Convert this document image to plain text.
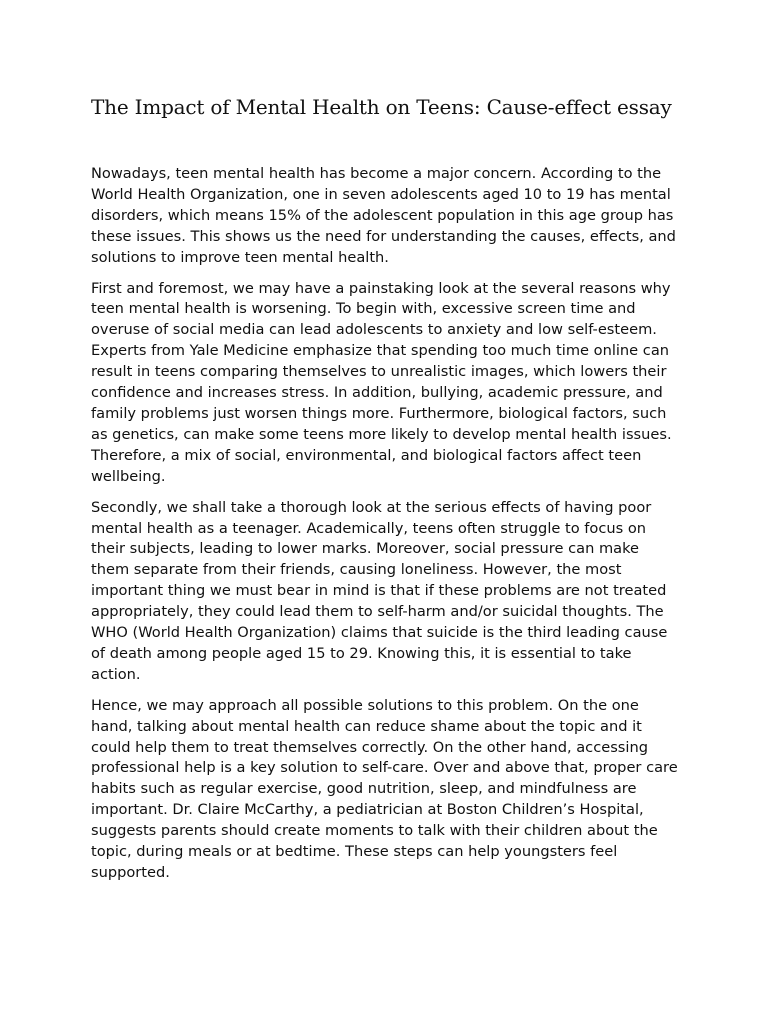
The Impact of Mental Health on Teens: Cause-effect essay

Nowadays, teen mental health has become a major concern. According to the World Health Organization, one in seven adolescents aged 10 to 19 has mental disorders, which means 15% of the adolescent population in this age group has these issues. This shows us the need for understanding the causes, effects, and solutions to improve teen mental health.

First and foremost, we may have a painstaking look at the several reasons why teen mental health is worsening. To begin with, excessive screen time and overuse of social media can lead adolescents to anxiety and low self-esteem. Experts from Yale Medicine emphasize that spending too much time online can result in teens comparing themselves to unrealistic images, which lowers their confidence and increases stress. In addition, bullying, academic pressure, and family problems just worsen things more. Furthermore, biological factors, such as genetics, can make some teens more likely to develop mental health issues. Therefore, a mix of social, environmental, and biological factors affect teen wellbeing.

Secondly, we shall take a thorough look at the serious effects of having poor mental health as a teenager. Academically, teens often struggle to focus on their subjects, leading to lower marks. Moreover, social pressure can make them separate from their friends, causing loneliness. However, the most important thing we must bear in mind is that if these problems are not treated appropriately, they could lead them to self-harm and/or suicidal thoughts. The WHO (World Health Organization) claims that suicide is the third leading cause of death among people aged 15 to 29. Knowing this, it is essential to take action.

Hence, we may approach all possible solutions to this problem. On the one hand, talking about mental health can reduce shame about the topic and it could help them to treat themselves correctly. On the other hand, accessing professional help is a key solution to self-care. Over and above that, proper care habits such as regular exercise, good nutrition, sleep, and mindfulness are important. Dr. Claire McCarthy, a pediatrician at Boston Children’s Hospital, suggests parents should create moments to talk with their children about the topic, during meals or at bedtime. These steps can help youngsters feel supported.
